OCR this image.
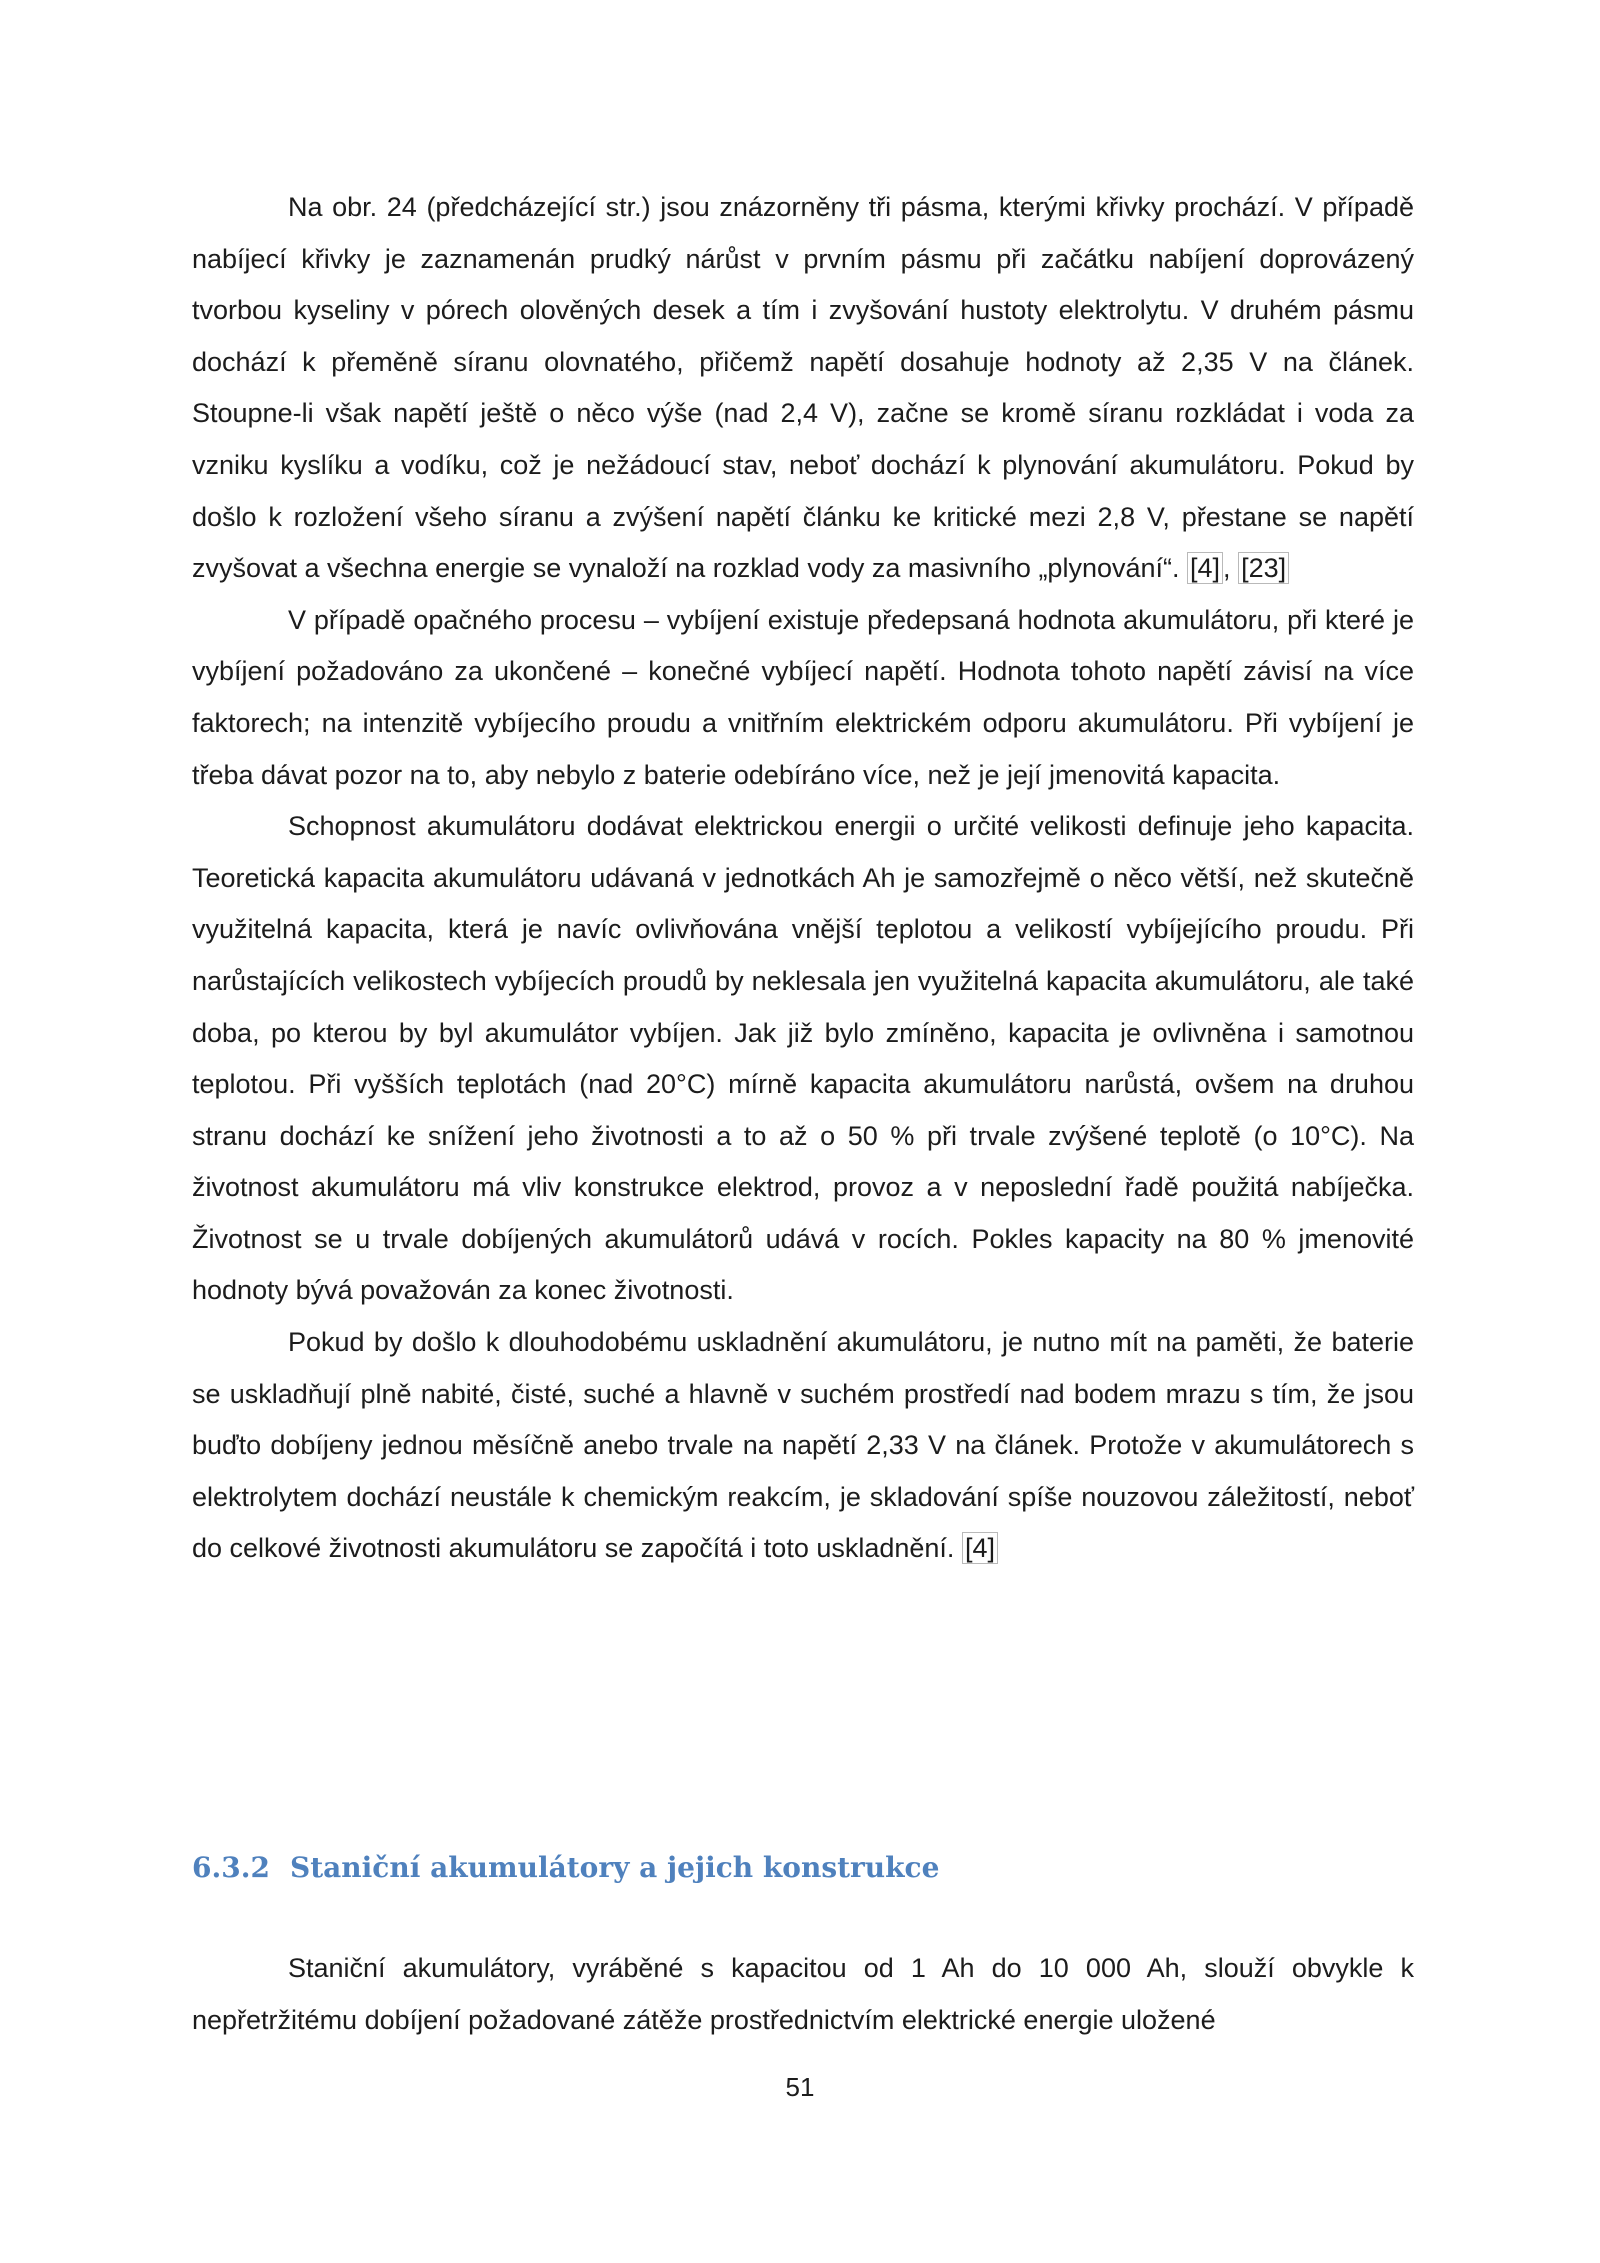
Na obr. 24 (předcházející str.) jsou znázorněny tři pásma, kterými křivky prochází. V případě nabíjecí křivky je zaznamenán prudký nárůst v prvním pásmu při začátku nabíjení doprovázený tvorbou kyseliny v pórech olověných desek a tím i zvyšování hustoty elektrolytu. V druhém pásmu dochází k přeměně síranu olovnatého, přičemž napětí dosahuje hodnoty až 2,35 V na článek. Stoupne-li však napětí ještě o něco výše (nad 2,4 V), začne se kromě síranu rozkládat i voda za vzniku kyslíku a vodíku, což je nežádoucí stav, neboť dochází k plynování akumulátoru. Pokud by došlo k rozložení všeho síranu a zvýšení napětí článku ke kritické mezi 2,8 V, přestane se napětí zvyšovat a všechna energie se vynaloží na rozklad vody za masivního „plynování“. [4] , [23]

V případě opačného procesu – vybíjení existuje předepsaná hodnota akumulátoru, při které je vybíjení požadováno za ukončené – konečné vybíjecí napětí. Hodnota tohoto napětí závisí na více faktorech; na intenzitě vybíjecího proudu a vnitřním elektrickém odporu akumulátoru. Při vybíjení je třeba dávat pozor na to, aby nebylo z baterie odebíráno více, než je její jmenovitá kapacita.

Schopnost akumulátoru dodávat elektrickou energii o určité velikosti definuje jeho kapacita. Teoretická kapacita akumulátoru udávaná v jednotkách Ah je samozřejmě o něco větší, než skutečně využitelná kapacita, která je navíc ovlivňována vnější teplotou a velikostí vybíjejícího proudu. Při narůstajících velikostech vybíjecích proudů by neklesala jen využitelná kapacita akumulátoru, ale také doba, po kterou by byl akumulátor vybíjen. Jak již bylo zmíněno, kapacita je ovlivněna i samotnou teplotou. Při vyšších teplotách (nad 20°C) mírně kapacita akumulátoru narůstá, ovšem na druhou stranu dochází ke snížení jeho životnosti a to až o 50 % při trvale zvýšené teplotě (o 10°C). Na životnost akumulátoru má vliv konstrukce elektrod, provoz a v neposlední řadě použitá nabíječka. Životnost se u trvale dobíjených akumulátorů udává v rocích. Pokles kapacity na 80 % jmenovité hodnoty bývá považován za konec životnosti.

Pokud by došlo k dlouhodobému uskladnění akumulátoru, je nutno mít na paměti, že baterie se uskladňují plně nabité, čisté, suché a hlavně v suchém prostředí nad bodem mrazu s tím, že jsou buďto dobíjeny jednou měsíčně anebo trvale na napětí 2,33 V na článek. Protože v akumulátorech s elektrolytem dochází neustále k chemickým reakcím, je skladování spíše nouzovou záležitostí, neboť do celkové životnosti akumulátoru se započítá i toto uskladnění. [4]

6.3.2 Staniční akumulátory a jejich konstrukce

Staniční akumulátory, vyráběné s kapacitou od 1 Ah do 10 000 Ah, slouží obvykle k nepřetržitému dobíjení požadované zátěže prostřednictvím elektrické energie uložené

51
